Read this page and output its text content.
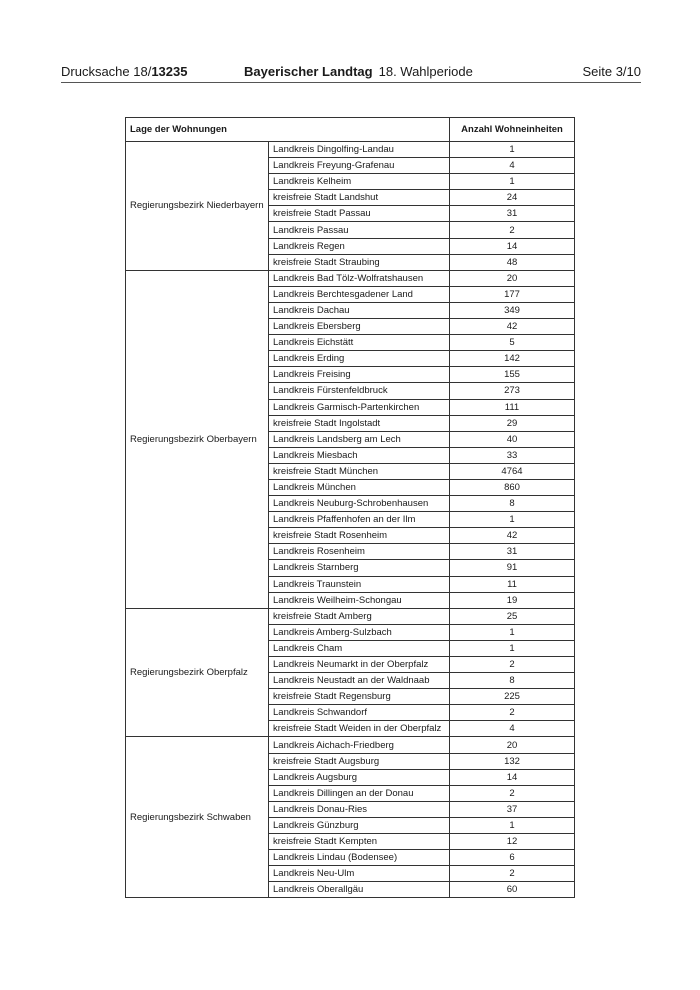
Drucksache 18/13235	Bayerischer Landtag 18. Wahlperiode	Seite 3/10
Lage der Wohnungen		Anzahl Wohneinheiten
Regierungsbezirk Niederbayern	Landkreis Dingolfing-Landau	1
	Landkreis Freyung-Grafenau	4
	Landkreis Kelheim	1
	kreisfreie Stadt Landshut	24
	kreisfreie Stadt Passau	31
	Landkreis Passau	2
	Landkreis Regen	14
	kreisfreie Stadt Straubing	48
Regierungsbezirk Oberbayern	Landkreis Bad Tölz-Wolfratshausen	20
	Landkreis Berchtesgadener Land	177
	Landkreis Dachau	349
	Landkreis Ebersberg	42
	Landkreis Eichstätt	5
	Landkreis Erding	142
	Landkreis Freising	155
	Landkreis Fürstenfeldbruck	273
	Landkreis Garmisch-Partenkirchen	111
	kreisfreie Stadt Ingolstadt	29
	Landkreis Landsberg am Lech	40
	Landkreis Miesbach	33
	kreisfreie Stadt München	4764
	Landkreis München	860
	Landkreis Neuburg-Schrobenhausen	8
	Landkreis Pfaffenhofen an der Ilm	1
	kreisfreie Stadt Rosenheim	42
	Landkreis Rosenheim	31
	Landkreis Starnberg	91
	Landkreis Traunstein	11
	Landkreis Weilheim-Schongau	19
Regierungsbezirk Oberpfalz	kreisfreie Stadt Amberg	25
	Landkreis Amberg-Sulzbach	1
	Landkreis Cham	1
	Landkreis Neumarkt in der Oberpfalz	2
	Landkreis Neustadt an der Waldnaab	8
	kreisfreie Stadt Regensburg	225
	Landkreis Schwandorf	2
	kreisfreie Stadt Weiden in der Oberpfalz	4
Regierungsbezirk Schwaben	Landkreis Aichach-Friedberg	20
	kreisfreie Stadt Augsburg	132
	Landkreis Augsburg	14
	Landkreis Dillingen an der Donau	2
	Landkreis Donau-Ries	37
	Landkreis Günzburg	1
	kreisfreie Stadt Kempten	12
	Landkreis Lindau (Bodensee)	6
	Landkreis Neu-Ulm	2
	Landkreis Oberallgäu	60
